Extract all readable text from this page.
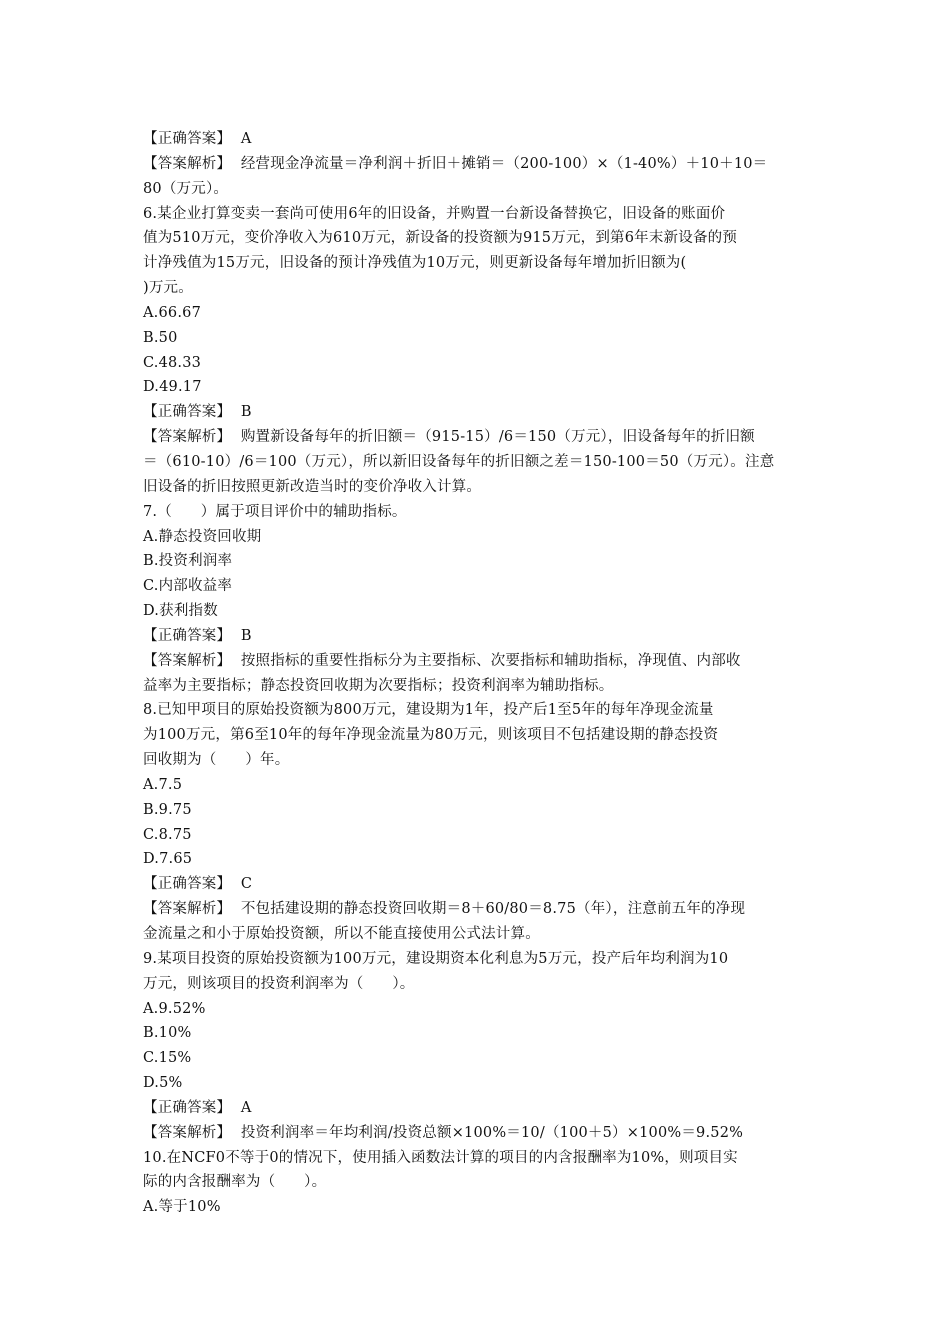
【正确答案】  A
【答案解析】  经营现金净流量＝净利润＋折旧＋摊销＝（200-100）×（1-40%）＋10＋10＝
80（万元）。
6.某企业打算变卖一套尚可使用6年的旧设备，并购置一台新设备替换它，旧设备的账面价
值为510万元，变价净收入为610万元，新设备的投资额为915万元，到第6年末新设备的预
计净残值为15万元，旧设备的预计净残值为10万元，则更新设备每年增加折旧额为(
)万元。
A.66.67
B.50
C.48.33
D.49.17
【正确答案】  B
【答案解析】  购置新设备每年的折旧额＝（915-15）/6＝150（万元），旧设备每年的折旧额
＝（610-10）/6＝100（万元），所以新旧设备每年的折旧额之差＝150-100＝50（万元）。注意
旧设备的折旧按照更新改造当时的变价净收入计算。
7.（      ）属于项目评价中的辅助指标。
A.静态投资回收期
B.投资利润率
C.内部收益率
D.获利指数
【正确答案】  B
【答案解析】  按照指标的重要性指标分为主要指标、次要指标和辅助指标，净现值、内部收
益率为主要指标；静态投资回收期为次要指标；投资利润率为辅助指标。
8.已知甲项目的原始投资额为800万元，建设期为1年，投产后1至5年的每年净现金流量
为100万元，第6至10年的每年净现金流量为80万元，则该项目不包括建设期的静态投资
回收期为（      ）年。
A.7.5
B.9.75
C.8.75
D.7.65
【正确答案】  C
【答案解析】  不包括建设期的静态投资回收期＝8＋60/80＝8.75（年），注意前五年的净现
金流量之和小于原始投资额，所以不能直接使用公式法计算。
9.某项目投资的原始投资额为100万元，建设期资本化利息为5万元，投产后年均利润为10
万元，则该项目的投资利润率为（      ）。
A.9.52%
B.10%
C.15%
D.5%
【正确答案】  A
【答案解析】  投资利润率＝年均利润/投资总额×100%＝10/（100＋5）×100%＝9.52%
10.在NCF0不等于0的情况下，使用插入函数法计算的项目的内含报酬率为10%，则项目实
际的内含报酬率为（      ）。
A.等于10%
